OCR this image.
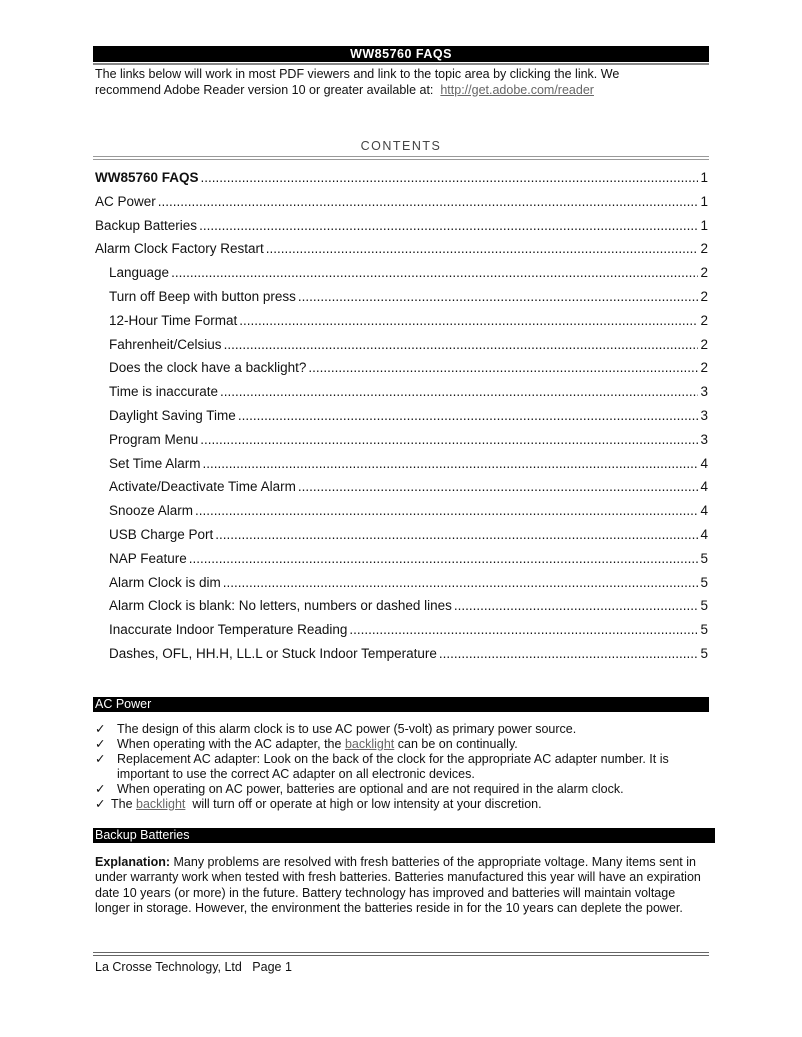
WW85760 FAQS
The links below will work in most PDF viewers and link to the topic area by clicking the link. We
recommend Adobe Reader version 10 or greater available at: http://get.adobe.com/reader
CONTENTS
WW85760 FAQS .....	1
AC Power .....	1
Backup Batteries .....	1
Alarm Clock Factory Restart .....	2
Language .....	2
Turn off Beep with button press .....	2
12-Hour Time Format .....	2
Fahrenheit/Celsius .....	2
Does the clock have a backlight? .....	2
Time is inaccurate .....	3
Daylight Saving Time .....	3
Program Menu .....	3
Set Time Alarm .....	4
Activate/Deactivate Time Alarm .....	4
Snooze Alarm .....	4
USB Charge Port .....	4
NAP Feature .....	5
Alarm Clock is dim .....	5
Alarm Clock is blank: No letters, numbers or dashed lines .....	5
Inaccurate Indoor Temperature Reading .....	5
Dashes, OFL, HH.H, LL.L or Stuck Indoor Temperature .....	5
AC Power
✓ The design of this alarm clock is to use AC power (5-volt) as primary power source.
✓ When operating with the AC adapter, the backlight can be on continually.
✓ Replacement AC adapter: Look on the back of the clock for the appropriate AC adapter number. It is
important to use the correct AC adapter on all electronic devices.
✓ When operating on AC power, batteries are optional and are not required in the alarm clock.
✓ The backlight will turn off or operate at high or low intensity at your discretion.
Backup Batteries
Explanation: Many problems are resolved with fresh batteries of the appropriate voltage. Many items sent in under warranty work when tested with fresh batteries. Batteries manufactured this year will have an expiration date 10 years (or more) in the future. Battery technology has improved and batteries will maintain voltage longer in storage. However, the environment the batteries reside in for the 10 years can deplete the power.
La Crosse Technology, Ltd Page 1
